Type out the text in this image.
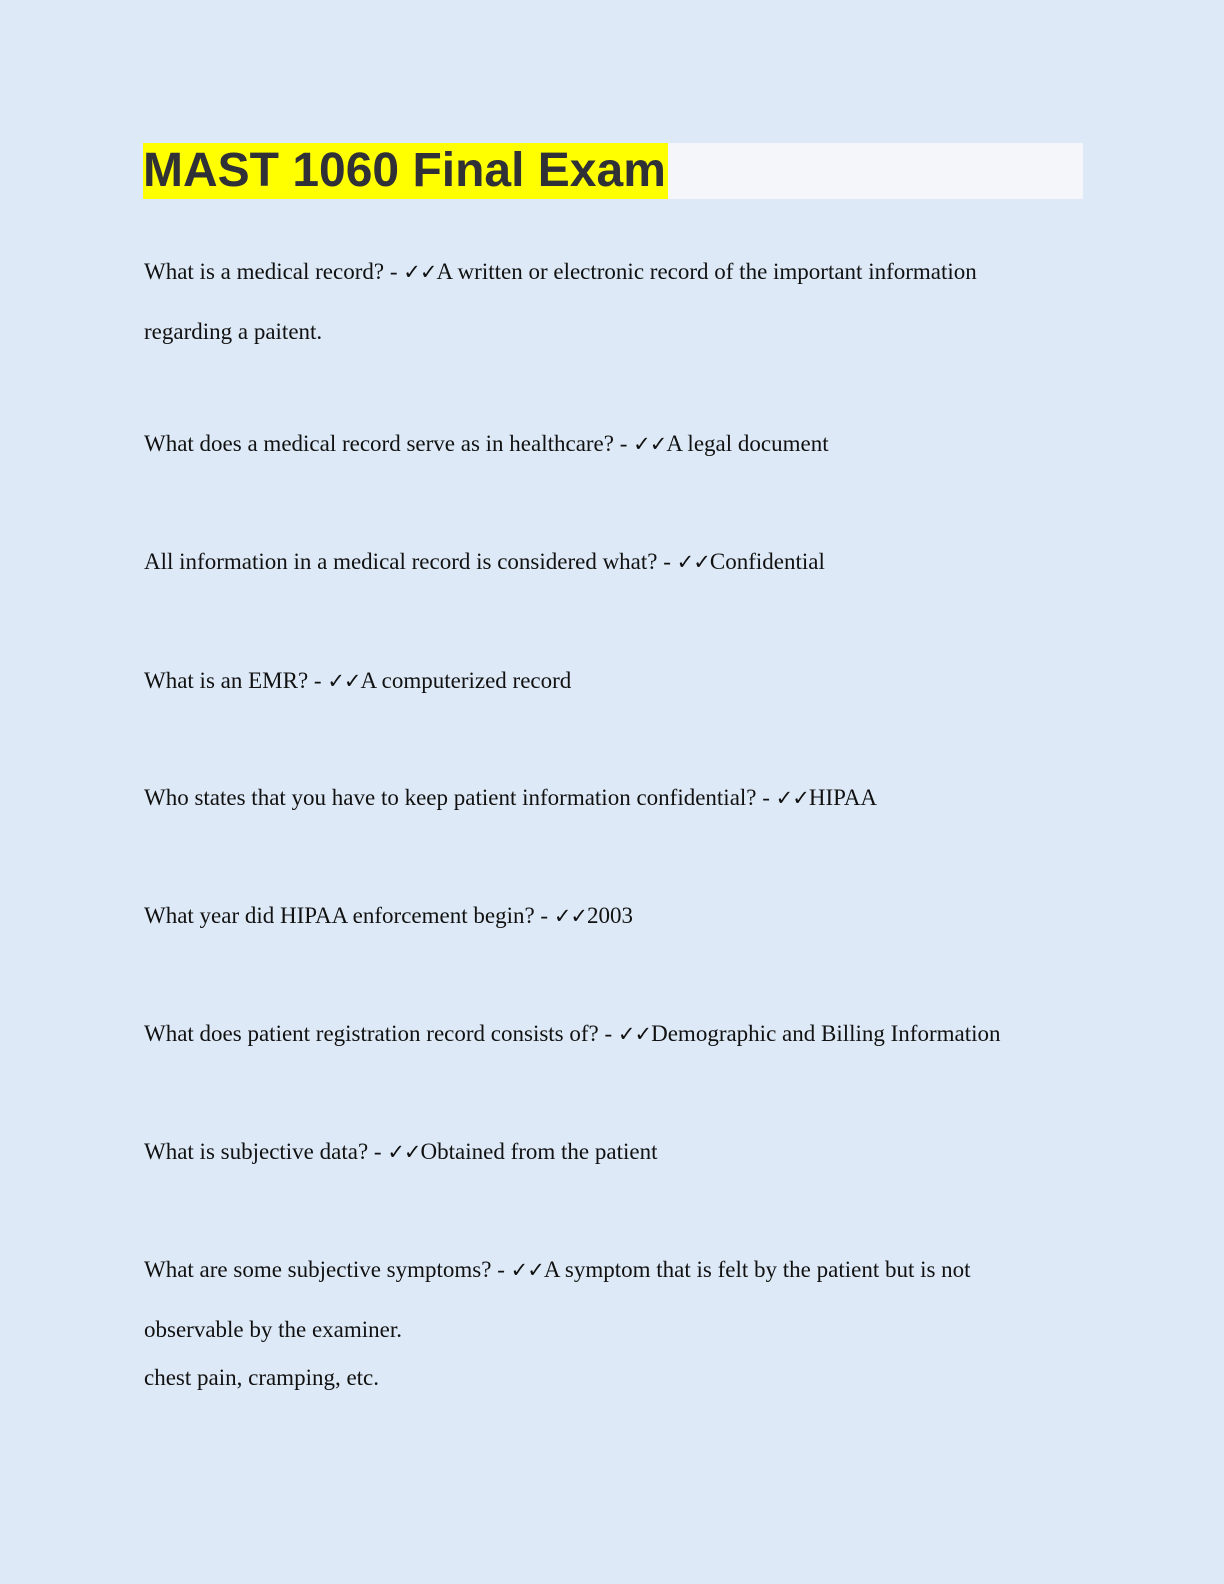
MAST 1060 Final Exam

What is a medical record? - ✓✓A written or electronic record of the important information
regarding a paitent.

What does a medical record serve as in healthcare? - ✓✓A legal document

All information in a medical record is considered what? - ✓✓Confidential

What is an EMR? - ✓✓A computerized record

Who states that you have to keep patient information confidential? - ✓✓HIPAA

What year did HIPAA enforcement begin? - ✓✓2003

What does patient registration record consists of? - ✓✓Demographic and Billing Information

What is subjective data? - ✓✓Obtained from the patient

What are some subjective symptoms? - ✓✓A symptom that is felt by the patient but is not
observable by the examiner.
chest pain, cramping, etc.
